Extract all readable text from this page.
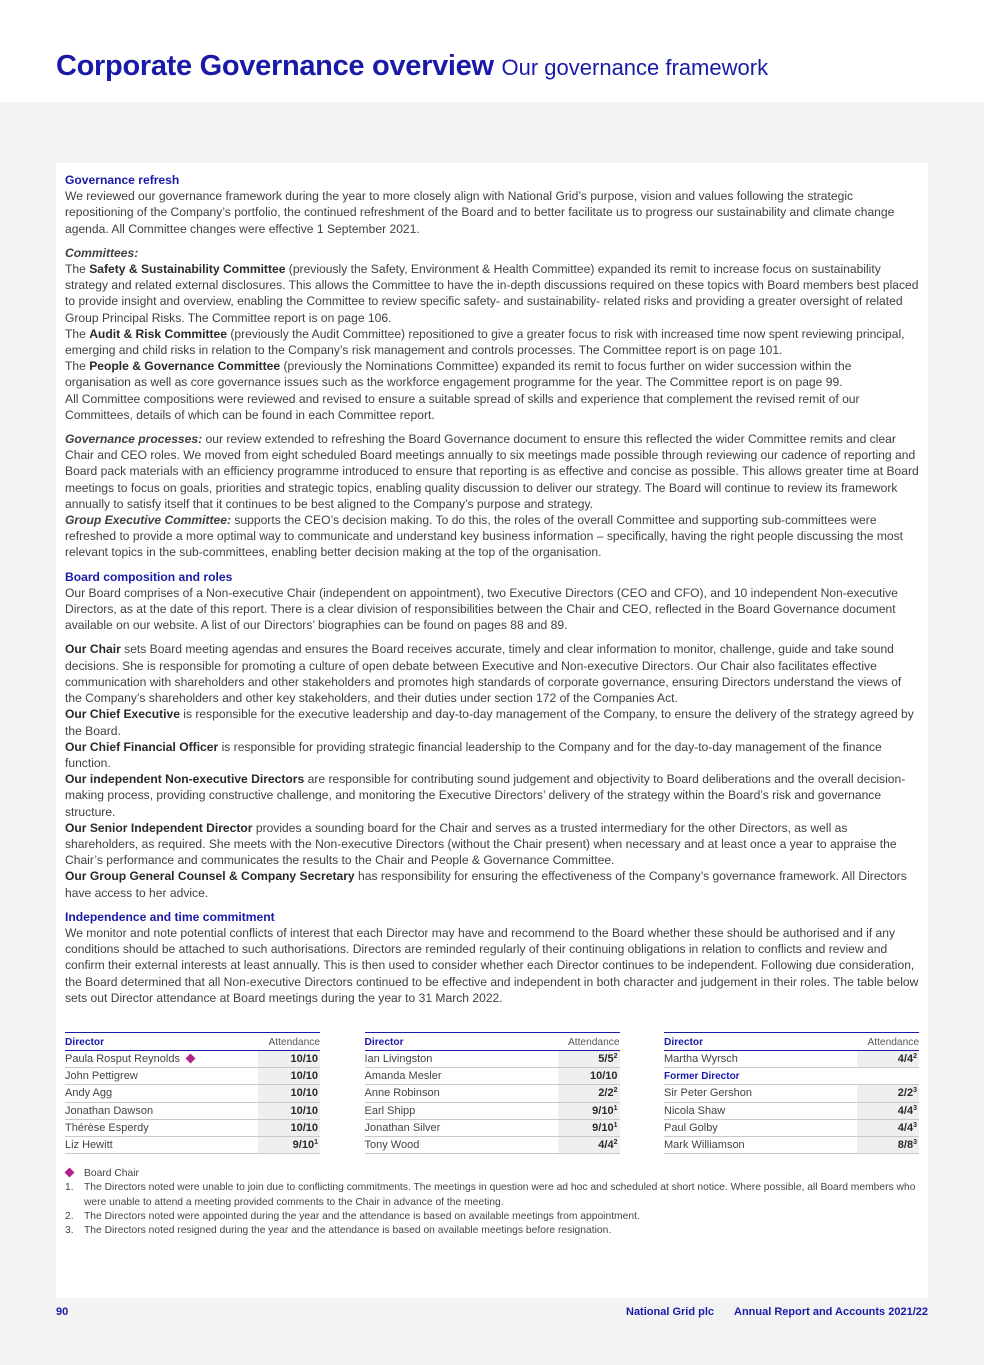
Corporate Governance overview Our governance framework
Governance refresh

We reviewed our governance framework during the year to more closely align with National Grid’s purpose, vision and values following the strategic repositioning of the Company’s portfolio, the continued refreshment of the Board and to better facilitate us to progress our sustainability and climate change agenda. All Committee changes were effective 1 September 2021.

Committees:

The Safety & Sustainability Committee (previously the Safety, Environment & Health Committee) expanded its remit to increase focus on sustainability strategy and related external disclosures. This allows the Committee to have the in-depth discussions required on these topics with Board members best placed to provide insight and overview, enabling the Committee to review specific safety- and sustainability- related risks and providing a greater oversight of related Group Principal Risks. The Committee report is on page 106.

The Audit & Risk Committee (previously the Audit Committee) repositioned to give a greater focus to risk with increased time now spent reviewing principal, emerging and child risks in relation to the Company’s risk management and controls processes. The Committee report is on page 101.

The People & Governance Committee (previously the Nominations Committee) expanded its remit to focus further on wider succession within the organisation as well as core governance issues such as the workforce engagement programme for the year. The Committee report is on page 99.

All Committee compositions were reviewed and revised to ensure a suitable spread of skills and experience that complement the revised remit of our Committees, details of which can be found in each Committee report.

Governance processes: our review extended to refreshing the Board Governance document to ensure this reflected the wider Committee remits and clear Chair and CEO roles. We moved from eight scheduled Board meetings annually to six meetings made possible through reviewing our cadence of reporting and Board pack materials with an efficiency programme introduced to ensure that reporting is as effective and concise as possible. This allows greater time at Board meetings to focus on goals, priorities and strategic topics, enabling quality discussion to deliver our strategy. The Board will continue to review its framework annually to satisfy itself that it continues to be best aligned to the Company’s purpose and strategy.

Group Executive Committee: supports the CEO’s decision making. To do this, the roles of the overall Committee and supporting sub-committees were refreshed to provide a more optimal way to communicate and understand key business information – specifically, having the right people discussing the most relevant topics in the sub-committees, enabling better decision making at the top of the organisation.

Board composition and roles

Our Board comprises of a Non-executive Chair (independent on appointment), two Executive Directors (CEO and CFO), and 10 independent Non-executive Directors, as at the date of this report. There is a clear division of responsibilities between the Chair and CEO, reflected in the Board Governance document available on our website. A list of our Directors’ biographies can be found on pages 88 and 89.

Our Chair sets Board meeting agendas and ensures the Board receives accurate, timely and clear information to monitor, challenge, guide and take sound decisions. She is responsible for promoting a culture of open debate between Executive and Non-executive Directors. Our Chair also facilitates effective communication with shareholders and other stakeholders and promotes high standards of corporate governance, ensuring Directors understand the views of the Company’s shareholders and other key stakeholders, and their duties under section 172 of the Companies Act.

Our Chief Executive is responsible for the executive leadership and day-to-day management of the Company, to ensure the delivery of the strategy agreed by the Board.

Our Chief Financial Officer is responsible for providing strategic financial leadership to the Company and for the day-to-day management of the finance function.

Our independent Non-executive Directors are responsible for contributing sound judgement and objectivity to Board deliberations and the overall decision-making process, providing constructive challenge, and monitoring the Executive Directors’ delivery of the strategy within the Board’s risk and governance structure.

Our Senior Independent Director provides a sounding board for the Chair and serves as a trusted intermediary for the other Directors, as well as shareholders, as required. She meets with the Non-executive Directors (without the Chair present) when necessary and at least once a year to appraise the Chair’s performance and communicates the results to the Chair and People & Governance Committee.

Our Group General Counsel & Company Secretary has responsibility for ensuring the effectiveness of the Company’s governance framework. All Directors have access to her advice.

Independence and time commitment

We monitor and note potential conflicts of interest that each Director may have and recommend to the Board whether these should be authorised and if any conditions should be attached to such authorisations. Directors are reminded regularly of their continuing obligations in relation to conflicts and review and confirm their external interests at least annually. This is then used to consider whether each Director continues to be independent. Following due consideration, the Board determined that all Non-executive Directors continued to be effective and independent in both character and judgement in their roles. The table below sets out Director attendance at Board meetings during the year to 31 March 2022.

Director	Attendance
Paula Rosput Reynolds	10/10
John Pettigrew	10/10
Andy Agg	10/10
Jonathan Dawson	10/10
Thérèse Esperdy	10/10
Liz Hewitt	$9/10^1$
Director	Attendance
Ian Livingston	$5/5^2$
Amanda Mesler	10/10
Anne Robinson	$2/2^2$
Earl Shipp	$9/10^1$
Jonathan Silver	$9/10^1$
Tony Wood	$4/4^2$
Director	Attendance
Martha Wyrsch	$4/4^2$
Former Director	
Sir Peter Gershon	$2/2^3$
Nicola Shaw	$4/4^3$
Paul Golby	$4/4^3$
Mark Williamson	$8/8^3$
Board Chair
1.	The Directors noted were unable to join due to conflicting commitments. The meetings in question were ad hoc and scheduled at short notice. Where possible, all Board members who were unable to attend a meeting provided comments to the Chair in advance of the meeting.
2.	The Directors noted were appointed during the year and the attendance is based on available meetings from appointment.
3.	The Directors noted resigned during the year and the attendance is based on available meetings before resignation.
90	National Grid plc Annual Report and Accounts 2021/22
